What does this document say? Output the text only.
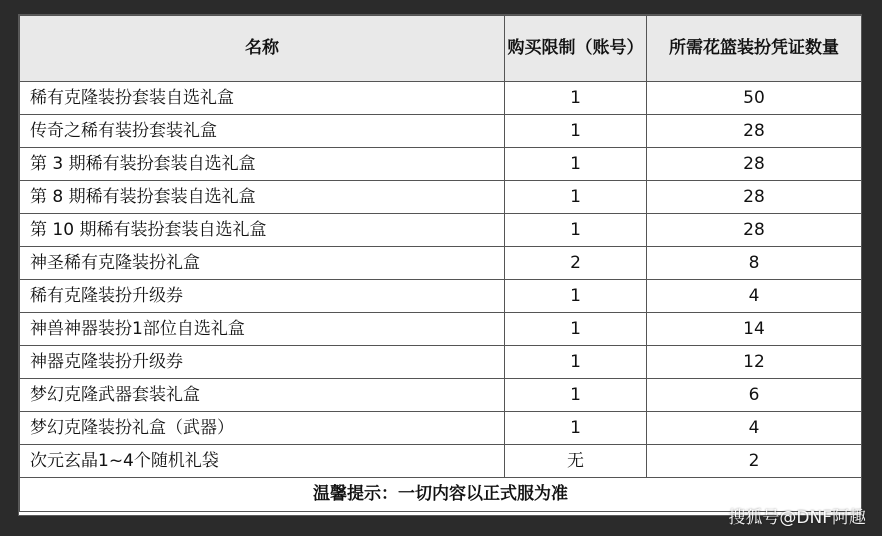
名称	购买限制（账号）	所需花篮装扮凭证数量
稀有克隆装扮套装自选礼盒	1	50
传奇之稀有装扮套装礼盒	1	28
第 3 期稀有装扮套装自选礼盒	1	28
第 8 期稀有装扮套装自选礼盒	1	28
第 10 期稀有装扮套装自选礼盒	1	28
神圣稀有克隆装扮礼盒	2	8
稀有克隆装扮升级券	1	4
神兽神器装扮1部位自选礼盒	1	14
神器克隆装扮升级券	1	12
梦幻克隆武器套装礼盒	1	6
梦幻克隆装扮礼盒（武器）	1	4
次元玄晶1~4个随机礼袋	无	2
温馨提示：一切内容以正式服为准		
搜狐号@DNF阿趣
